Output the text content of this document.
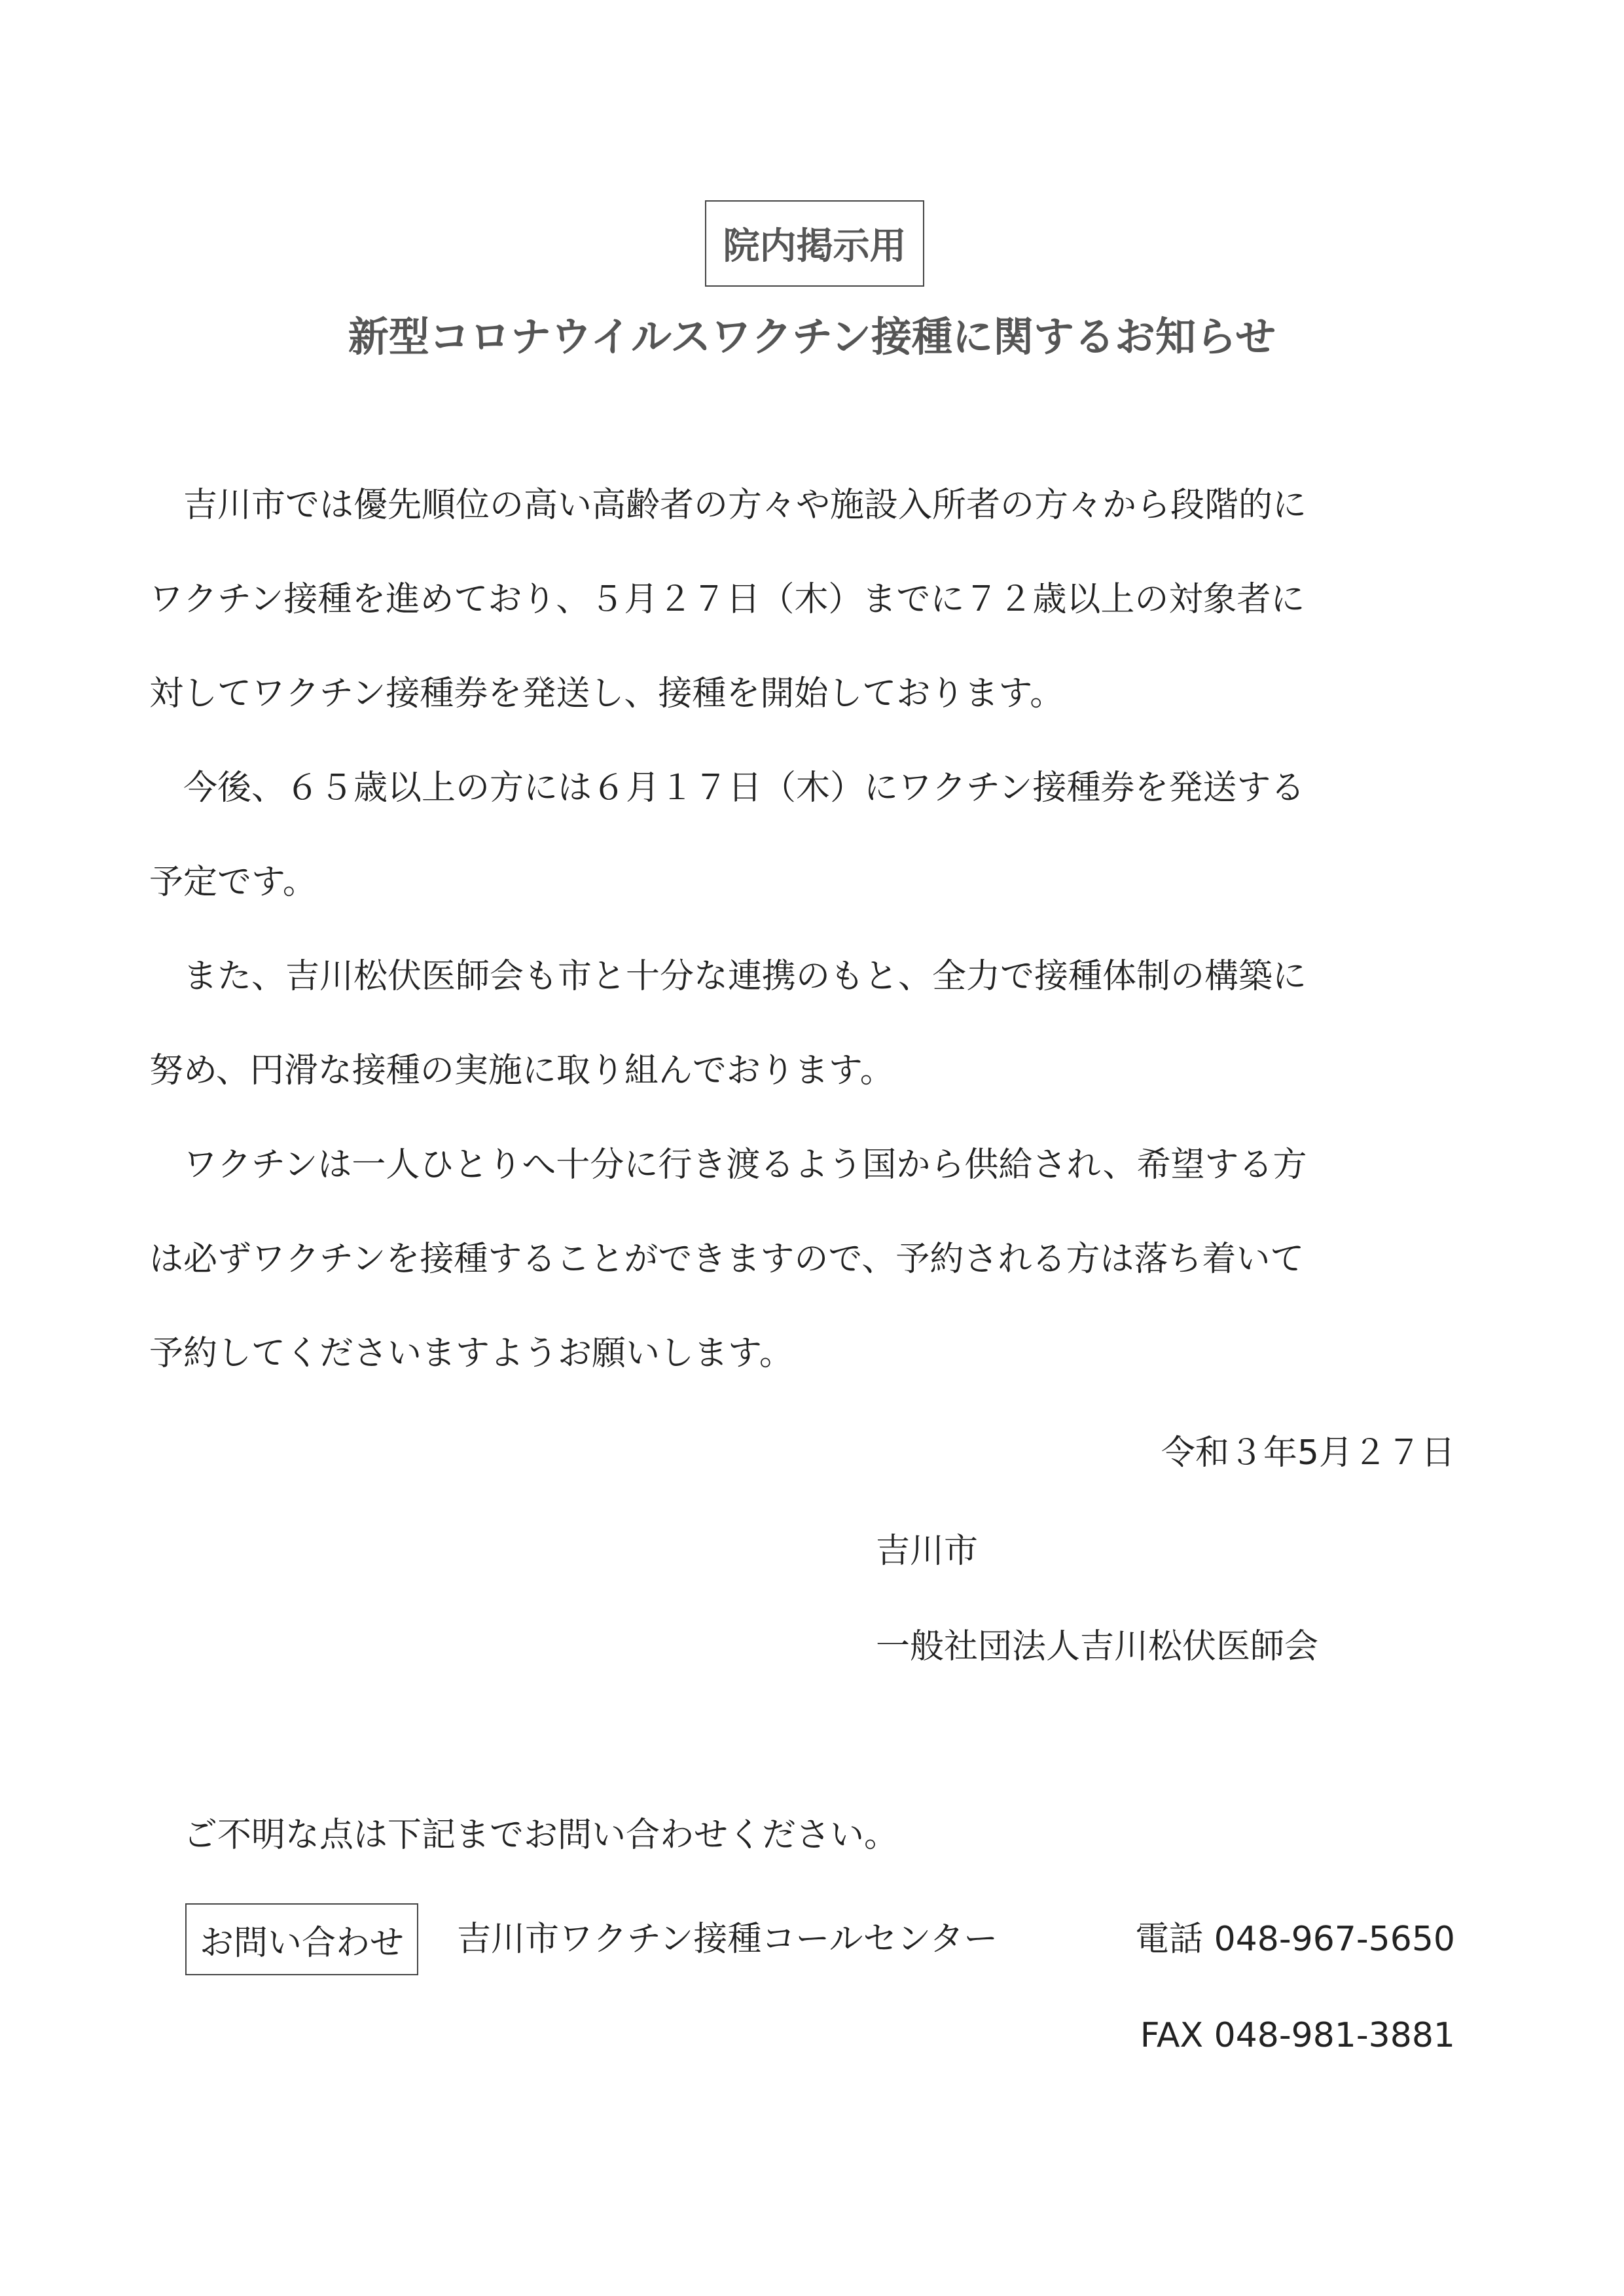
院内掲示用
新型コロナウイルスワクチン接種に関するお知らせ
　吉川市では優先順位の高い高齢者の方々や施設入所者の方々から段階的に
ワクチン接種を進めており、５月２７日（木）までに７２歳以上の対象者に
対してワクチン接種券を発送し、接種を開始しております。
　今後、６５歳以上の方には６月１７日（木）にワクチン接種券を発送する
予定です。
　また、吉川松伏医師会も市と十分な連携のもと、全力で接種体制の構築に
努め、円滑な接種の実施に取り組んでおります。
　ワクチンは一人ひとりへ十分に行き渡るよう国から供給され、希望する方
は必ずワクチンを接種することができますので、予約される方は落ち着いて
予約してくださいますようお願いします。
令和３年5月２７日
吉川市
一般社団法人吉川松伏医師会
　ご不明な点は下記までお問い合わせください。
お問い合わせ	吉川市ワクチン接種コールセンター	電話 048-967-5650
FAX 048-981-3881
